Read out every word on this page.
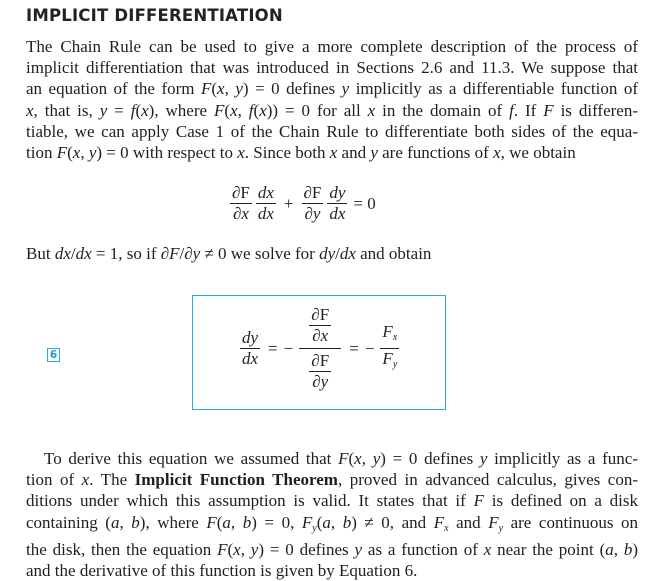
IMPLICIT DIFFERENTIATION
The Chain Rule can be used to give a more complete description of the process of
implicit differentiation that was introduced in Sections 2.6 and 11.3. We suppose that
an equation of the form F(x, y) = 0 defines y implicitly as a differentiable function of
x, that is, y = f(x), where F(x, f(x)) = 0 for all x in the domain of f. If F is differen-
tiable, we can apply Case 1 of the Chain Rule to differentiate both sides of the equa-
tion F(x, y) = 0 with respect to x. Since both x and y are functions of x, we obtain
$\frac{\partial F}{\partial x} \frac{dx}{dx} + \frac{\partial F}{\partial y} \frac{dy}{dx} = 0$
But dx/dx = 1, so if ∂F/∂y ≠ 0 we solve for dy/dx and obtain
6	$\frac{dy}{dx}$ = −
$\frac{\partial F}{\partial x}$
$\frac{\partial F}{\partial y}$
= − $\frac{F_x}{F_y}$
To derive this equation we assumed that F(x, y) = 0 defines y implicitly as a func-
tion of x. The Implicit Function Theorem, proved in advanced calculus, gives con-
ditions under which this assumption is valid. It states that if F is defined on a disk
containing (a, b), where F(a, b) = 0, $F_y(a$, b) ≠ 0, and $F_x$ and $F_y$ are continuous on
the disk, then the equation F(x, y) = 0 defines y as a function of x near the point (a, b)
and the derivative of this function is given by Equation 6.
